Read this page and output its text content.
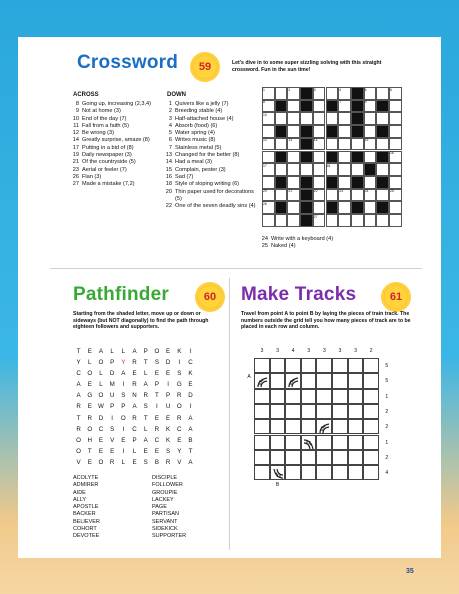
Crossword	59	Let's dive in to some super sizzling solving with this straight crossword. Fun in the sun time!
ACROSS
8 Going up, increasing (2,3,4)
9 Not at home (3)
10 End of the day (7)
11 Fall from a faith (5)
12 Be wrong (3)
14 Greatly surprise, amaze (8)
17 Putting in a bid of (8)
19 Daily newspaper (3)
21 Of the countryside (5)
23 Aerial or feeler (7)
26 Flan (3)
27 Made a mistake (7,2)
DOWN
1 Quivers like a jelly (7)
2 Breeding stable (4)
3 Half-attached house (4)
4 Absorb (food) (6)
5 Water spring (4)
6 Writes music (8)
7 Stainless metal (5)
13 Changed for the better (8)
14 Had a meal (3)
15 Complain, pester (3)
16 Sad (7)
18 Style of sloping writing (6)
20 Thin paper used for decorations (5)
22 One of the seven deadly sins (4)
1	2	3	4	5	6
7
8	9
10	11
12	13	14	15
16
17	18	19
20	21	22	23	24	25
26
27
24 Write with a keyboard (4)
25 Naked (4)
Pathfinder	60
Starting from the shaded letter, move up or down or sideways (but NOT diagonally) to find the path through eighteen followers and supporters.
T	E	A	L	L	A	P	O	E	K	I
Y	L	O	P	Y	R	T	S	D	I	C
C	O	L	D	A	E	L	E	E	S	K
A	E	L	M	I	R	A	P	I	G	E
A	G	O	U	S	N	R	T	P	R	D
R	E	W P	P	A	S	I	U	O	I
T	R	D	I	O	R	T	E	E	R	A
R	O	C	S	I	C	L	R	K	C	A
O	H	E	V	E	P	A	C	K	E	B
O	T	E	E	I	L	E	E	S	Y	T
V	E	O	R	L	E	S	B	R	V	A
ACOLYTE
ADMIRER
AIDE
ALLY
APOSTLE
BACKER
BELIEVER
COHORT
DEVOTEE
DISCIPLE
FOLLOWER
GROUPIE
LACKEY
PAGE
PARTISAN
SERVANT
SIDEKICK
SUPPORTER
Make Tracks	61
Travel from point A to point B by laying the pieces of train track. The numbers outside the grid tell you how many pieces of track are to be placed in each row and column.
3	3	4	3	3	3	3	2
5
5
1
2
2
1
2
4
A
B
35
